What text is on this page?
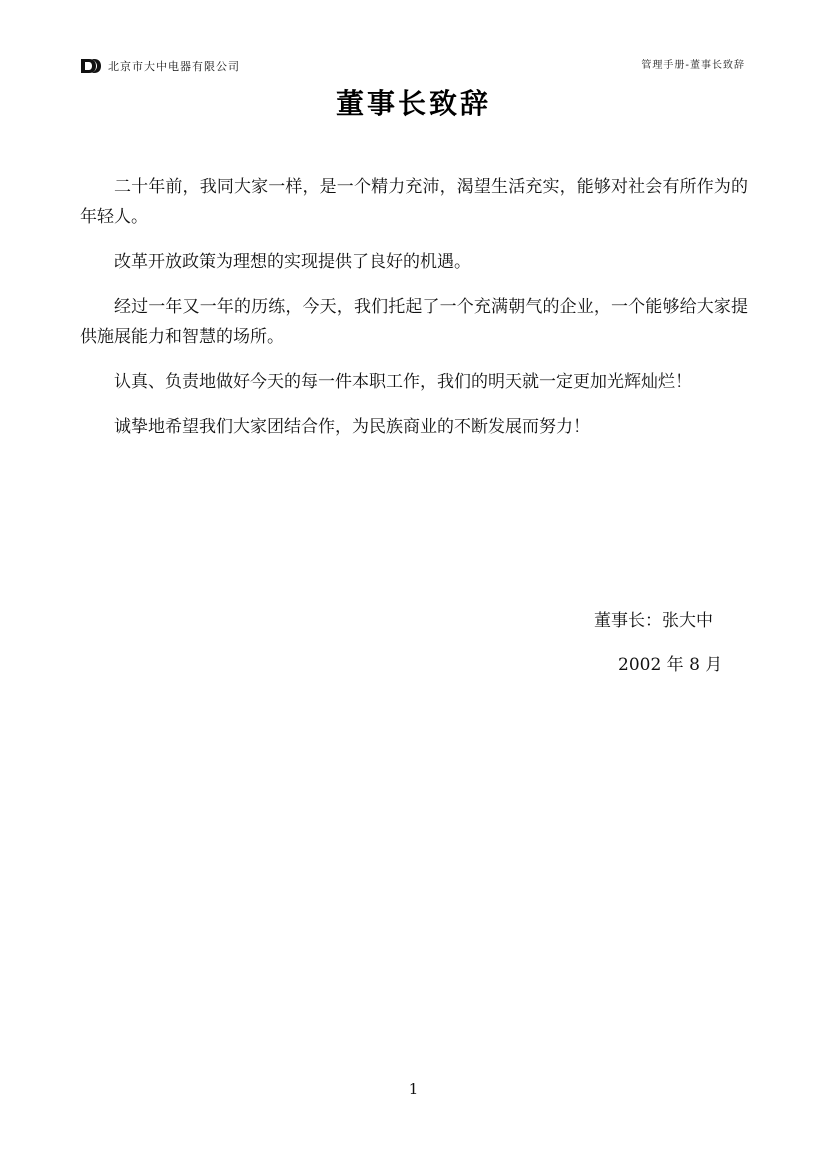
北京市大中电器有限公司	管理手册-董事长致辞
董事长致辞

二十年前，我同大家一样，是一个精力充沛，渴望生活充实，能够对社会有所作为的年轻人。

改革开放政策为理想的实现提供了良好的机遇。

经过一年又一年的历练，今天，我们托起了一个充满朝气的企业，一个能够给大家提供施展能力和智慧的场所。

认真、负责地做好今天的每一件本职工作，我们的明天就一定更加光辉灿烂！

诚挚地希望我们大家团结合作，为民族商业的不断发展而努力！

董事长：张大中
2002 年 8 月
1
